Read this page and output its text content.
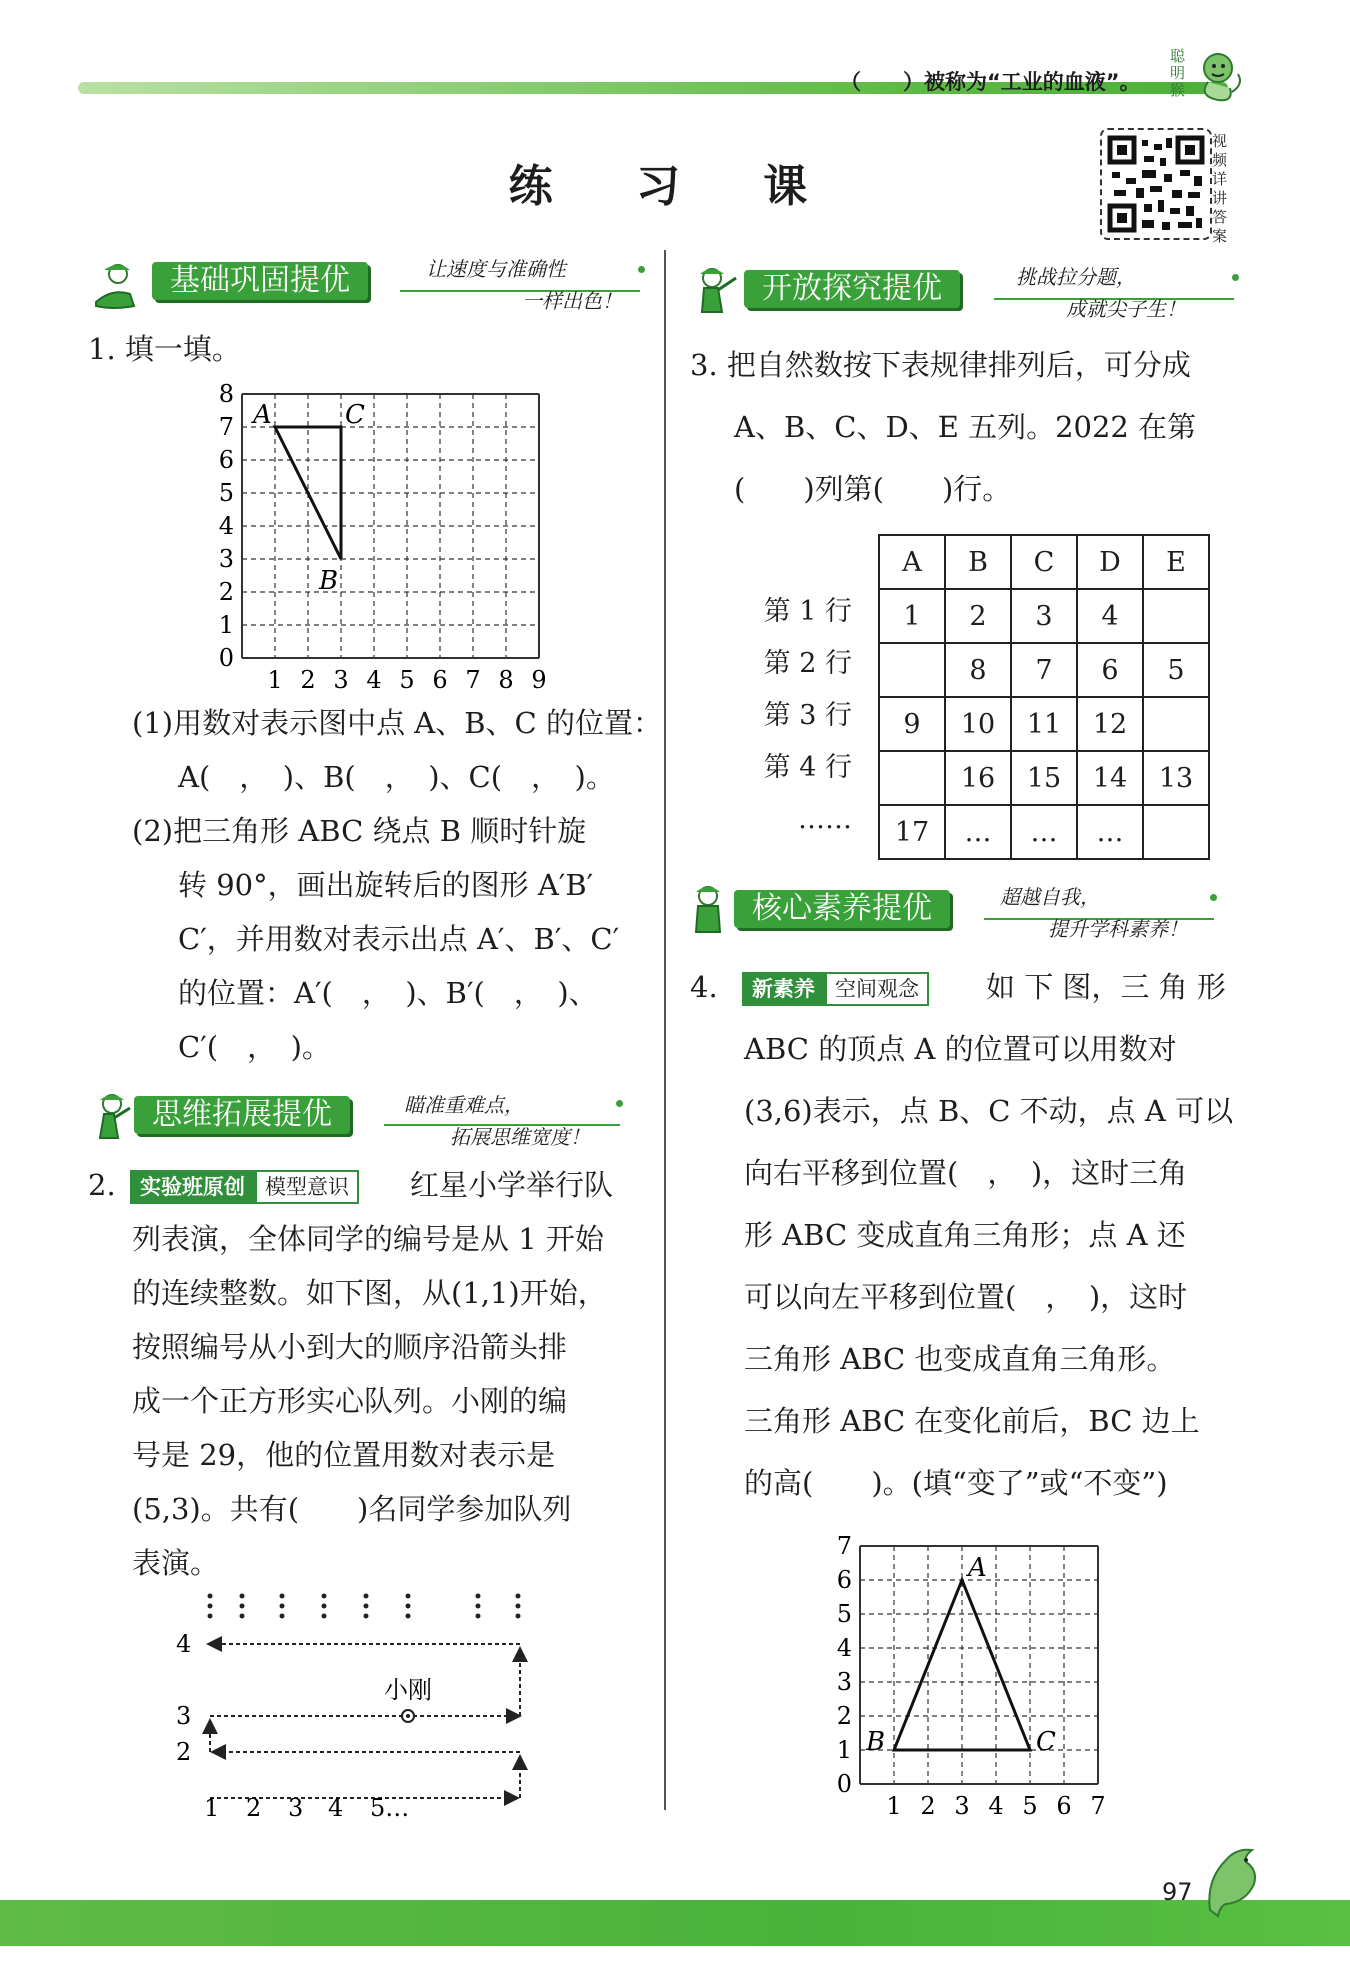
（　　）被称为“工业的血液”。
聪明猴
练 习 课
视频详讲答案
基础巩固提优	让速度与准确性
一样出色！
1. 填一填。
1 2 3 4 5 6 7 8 9
0
1
2
3
4
5
6
7
8
A	C
B
(1)用数对表示图中点 A、B、C 的位置：
A(　，　)、B(　，　)、C(　，　)。
(2)把三角形 ABC 绕点 B 顺时针旋
转 90°，画出旋转后的图形 A′B′
C′，并用数对表示出点 A′、B′、C′
的位置：A′(　，　)、B′(　，　)、
C′(　，　)。
思维拓展提优	瞄准重难点，
拓展思维宽度！
2.	实验班原创 模型意识	红星小学举行队
列表演，全体同学的编号是从 1 开始
的连续整数。如下图，从(1,1)开始，
按照编号从小到大的顺序沿箭头排
成一个正方形实心队列。小刚的编
号是 29，他的位置用数对表示是
(5,3)。共有(　　)名同学参加队列
表演。
小刚
4
3
2
1 2 3 4 5…
开放探究提优	挑战拉分题，
成就尖子生！
3. 把自然数按下表规律排列后，可分成
A、B、C、D、E 五列。2022 在第
(　　)列第(　　)行。
第 1 行
第 2 行
第 3 行
第 4 行
……
A	B	C	D	E
1	2	3	4	
	8	7	6	5
9	10	11	12	
	16	15	14	13
17	…	…	…	
核心素养提优	超越自我，
提升学科素养！
4.	新素养 空间观念	如 下 图，三 角 形
ABC 的顶点 A 的位置可以用数对
(3,6)表示，点 B、C 不动，点 A 可以
向右平移到位置(　，　)，这时三角
形 ABC 变成直角三角形；点 A 还
可以向左平移到位置(　，　)，这时
三角形 ABC 也变成直角三角形。
三角形 ABC 在变化前后，BC 边上
的高(　　)。(填“变了”或“不变”)
1 2 3 4 5 6 7
0
1
2
3
4
5
6
7
A
B	C
97
